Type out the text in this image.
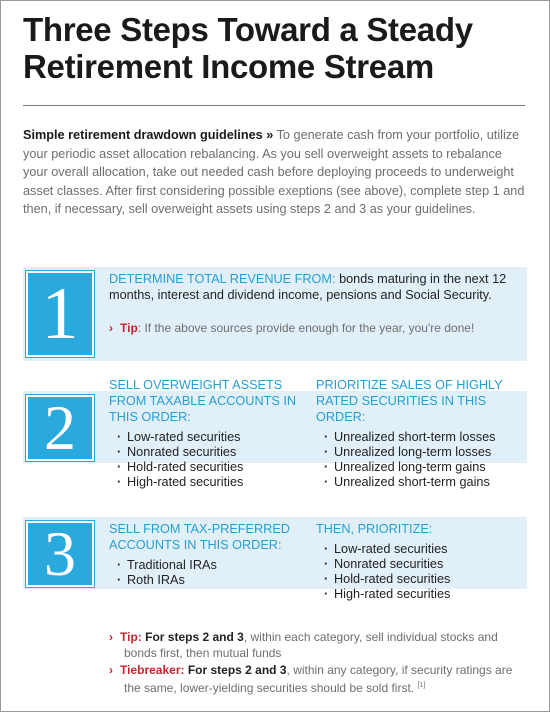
Three Steps Toward a Steady Retirement Income Stream

Simple retirement drawdown guidelines » To generate cash from your portfolio, utilize your periodic asset allocation rebalancing. As you sell overweight assets to rebalance your overall allocation, take out needed cash before deploying proceeds to underweight asset classes. After first considering possible exeptions (see above), complete step 1 and then, if necessary, sell overweight assets using steps 2 and 3 as your guidelines.

1	DETERMINE TOTAL REVENUE FROM: bonds maturing in the next 12 months, interest and dividend income, pensions and Social Security.
› Tip: If the above sources provide enough for the year, you're done!
2
SELL OVERWEIGHT ASSETS FROM TAXABLE ACCOUNTS IN THIS ORDER:
· Low-rated securities
· Nonrated securities
· Hold-rated securities
· High-rated securities
PRIORITIZE SALES OF HIGHLY RATED SECURITIES IN THIS ORDER:
· Unrealized short-term losses
· Unrealized long-term losses
· Unrealized long-term gains
· Unrealized short-term gains
3	SELL FROM TAX-PREFERRED ACCOUNTS IN THIS ORDER:
· Traditional IRAs
· Roth IRAs
THEN, PRIORITIZE:
· Low-rated securities
· Nonrated securities
· Hold-rated securities
· High-rated securities
› Tip: For steps 2 and 3, within each category, sell individual stocks and bonds first, then mutual funds
› Tiebreaker: For steps 2 and 3, within any category, if security ratings are the same, lower-yielding securities should be sold first. [1]
